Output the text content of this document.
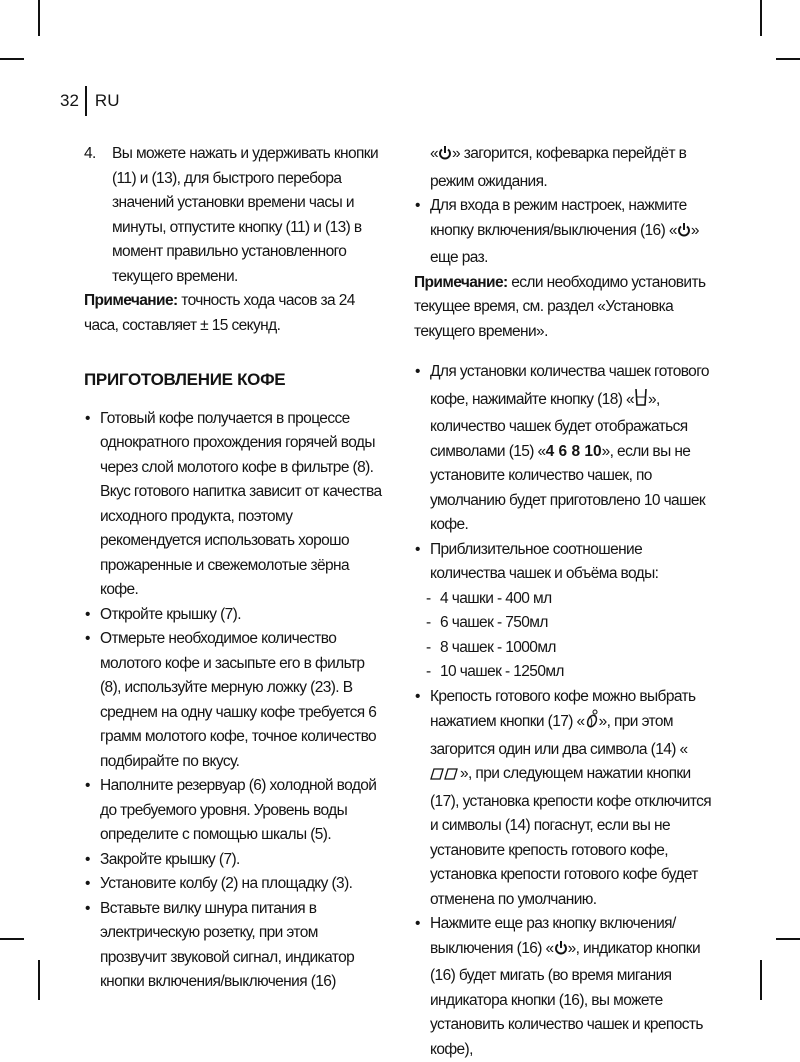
32 RU

4. Вы можете нажать и удерживать кнопки (11) и (13), для быстрого перебора значений установки времени часы и минуты, отпустите кнопку (11) и (13) в момент правильно установленного текущего времени.

Примечание: точность хода часов за 24 часа, составляет ± 15 секунд.

ПРИГОТОВЛЕНИЕ КОФЕ

• Готовый кофе получается в процессе однократного прохождения горячей воды через слой молотого кофе в фильтре (8). Вкус готового напитка зависит от качества исходного продукта, поэтому рекомендуется использовать хорошо прожаренные и свежемолотые зёрна кофе.

• Откройте крышку (7).

• Отмерьте необходимое количество молотого кофе и засыпьте его в фильтр (8), используйте мерную ложку (23). В среднем на одну чашку кофе требуется 6 грамм молотого кофе, точное количество подбирайте по вкусу.

• Наполните резервуар (6) холодной водой до требуемого уровня. Уровень воды определите с помощью шкалы (5).

• Закройте крышку (7).

• Установите колбу (2) на площадку (3).

• Вставьте вилку шнура питания в электрическую розетку, при этом прозвучит звуковой сигнал, индикатор кнопки включения/выключения (16)

« » загорится, кофеварка перейдёт в режим ожидания.

• Для входа в режим настроек, нажмите кнопку включения/выключения (16) « » еще раз.

Примечание: если необходимо установить текущее время, см. раздел «Установка текущего времени».

• Для установки количества чашек готового кофе, нажимайте кнопку (18) « », количество чашек будет отображаться символами (15) «4 6 8 10», если вы не установите количество чашек, по умолчанию будет приготовлено 10 чашек кофе.

• Приблизительное соотношение количества чашек и объёма воды:

- 4 чашки - 400 мл

- 6 чашек - 750мл

- 8 чашек - 1000мл

- 10 чашек - 1250мл

• Крепость готового кофе можно выбрать нажатием кнопки (17) « », при этом загорится один или два символа (14) «», при следующем нажатии кнопки (17), установка крепости кофе отключится и символы (14) погаснут, если вы не установите крепость готового кофе, установка крепости готового кофе будет отменена по умолчанию.

• Нажмите еще раз кнопку включения/выключения (16) « », индикатор кнопки (16) будет мигать (во время мигания индикатора кнопки (16), вы можете установить количество чашек и крепость кофе),
